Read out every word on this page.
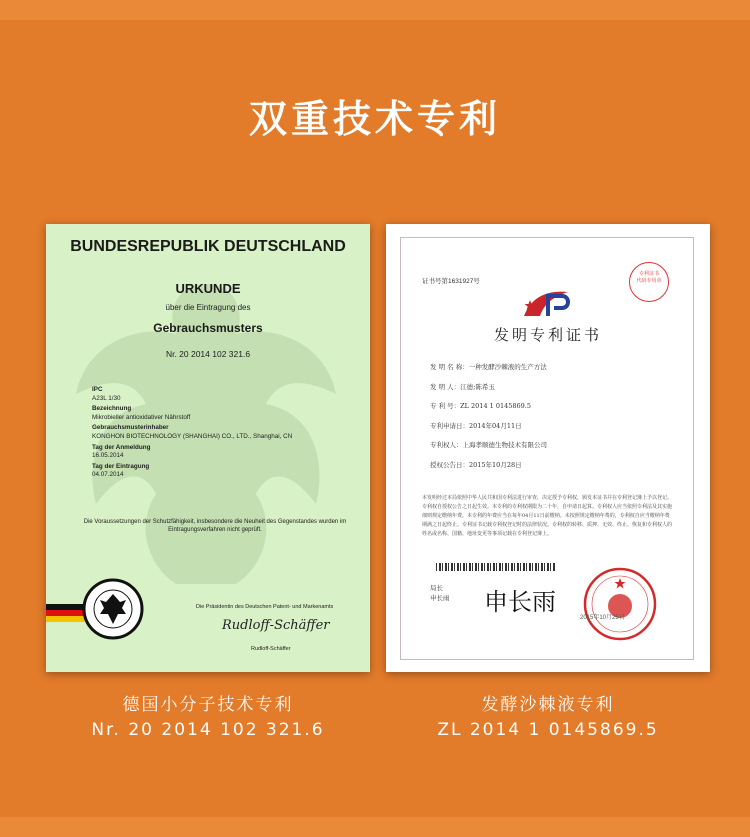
双重技术专利
BUNDESREPUBLIK DEUTSCHLAND
URKUNDE
über die Eintragung des
Gebrauchsmusters
Nr. 20 2014 102 321.6
IPC
A23L 1/30
Bezeichnung
Mikrobieller antioxidativer Nährstoff
Gebrauchsmusterinhaber
KONGHON BIOTECHNOLOGY (SHANGHAI) CO., LTD., Shanghai, CN
Tag der Anmeldung
16.05.2014
Tag der Eintragung
04.07.2014
Die Voraussetzungen der Schutzfähigkeit, insbesondere die Neuheit des Gegenstandes wurden im Eintragungsverfahren nicht geprüft.
Die Präsidentin des Deutschen Patent- und Markenamts
Rudloff-Schäffer
Rudloff-Schäffer
证书号第1631927号
专利证书
代码专用章
发明专利证书
发 明 名 称：一种发酵沙棘液的生产方法
发 明 人：江德;陈希玉
专 利 号：ZL 2014 1 0145869.5
专利申请日：2014年04月11日
专利权人：上海孝顺德生物技术有限公司
授权公告日：2015年10月28日
本发明经过本局依照中华人民共和国专利法进行审查，决定授予专利权，颁发本证书并在专利登记簿上予以登记。专利权自授权公告之日起生效。本专利的专利权期限为二十年，自申请日起算。专利权人应当依照专利法及其实施细则规定缴纳年费。本专利的年费应当在每年04月11日前缴纳。未按照规定缴纳年费的，专利权自应当缴纳年费期满之日起终止。专利证书记载专利权登记时的法律状况。专利权的转移、质押、无效、终止、恢复和专利权人的姓名或名称、国籍、地址变更等事项记载在专利登记簿上。
局长
申长雨 申长雨
2015年10月25日
德国小分子技术专利
Nr. 20 2014 102 321.6
发酵沙棘液专利
ZL 2014 1 0145869.5
